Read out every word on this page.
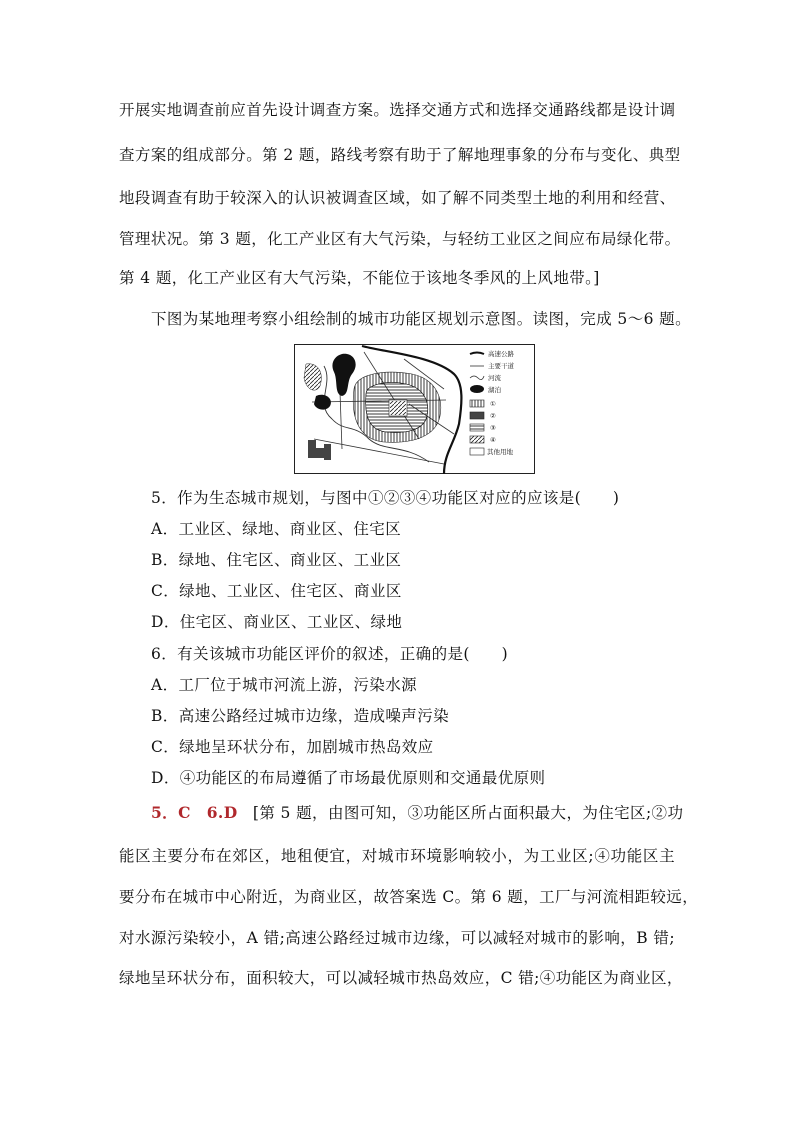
开展实地调查前应首先设计调查方案。选择交通方式和选择交通路线都是设计调
查方案的组成部分。第 2 题，路线考察有助于了解地理事象的分布与变化、典型
地段调查有助于较深入的认识被调查区域，如了解不同类型土地的利用和经营、
管理状况。第 3 题，化工产业区有大气污染，与轻纺工业区之间应布局绿化带。
第 4 题，化工产业区有大气污染，不能位于该地冬季风的上风地带。]
下图为某地理考察小组绘制的城市功能区规划示意图。读图，完成 5～6 题。
高速公路
主要干道
河流
湖泊
①
②
③
④
其他用地
5．作为生态城市规划，与图中①②③④功能区对应的应该是(　　)
A．工业区、绿地、商业区、住宅区
B．绿地、住宅区、商业区、工业区
C．绿地、工业区、住宅区、商业区
D．住宅区、商业区、工业区、绿地
6．有关该城市功能区评价的叙述，正确的是(　　)
A．工厂位于城市河流上游，污染水源
B．高速公路经过城市边缘，造成噪声污染
C．绿地呈环状分布，加剧城市热岛效应
D．④功能区的布局遵循了市场最优原则和交通最优原则
5．C　6.D [第 5 题，由图可知，③功能区所占面积最大，为住宅区;②功
能区主要分布在郊区，地租便宜，对城市环境影响较小，为工业区;④功能区主
要分布在城市中心附近，为商业区，故答案选 C。第 6 题，工厂与河流相距较远，
对水源污染较小，A 错;高速公路经过城市边缘，可以减轻对城市的影响，B 错;
绿地呈环状分布，面积较大，可以减轻城市热岛效应，C 错;④功能区为商业区，
